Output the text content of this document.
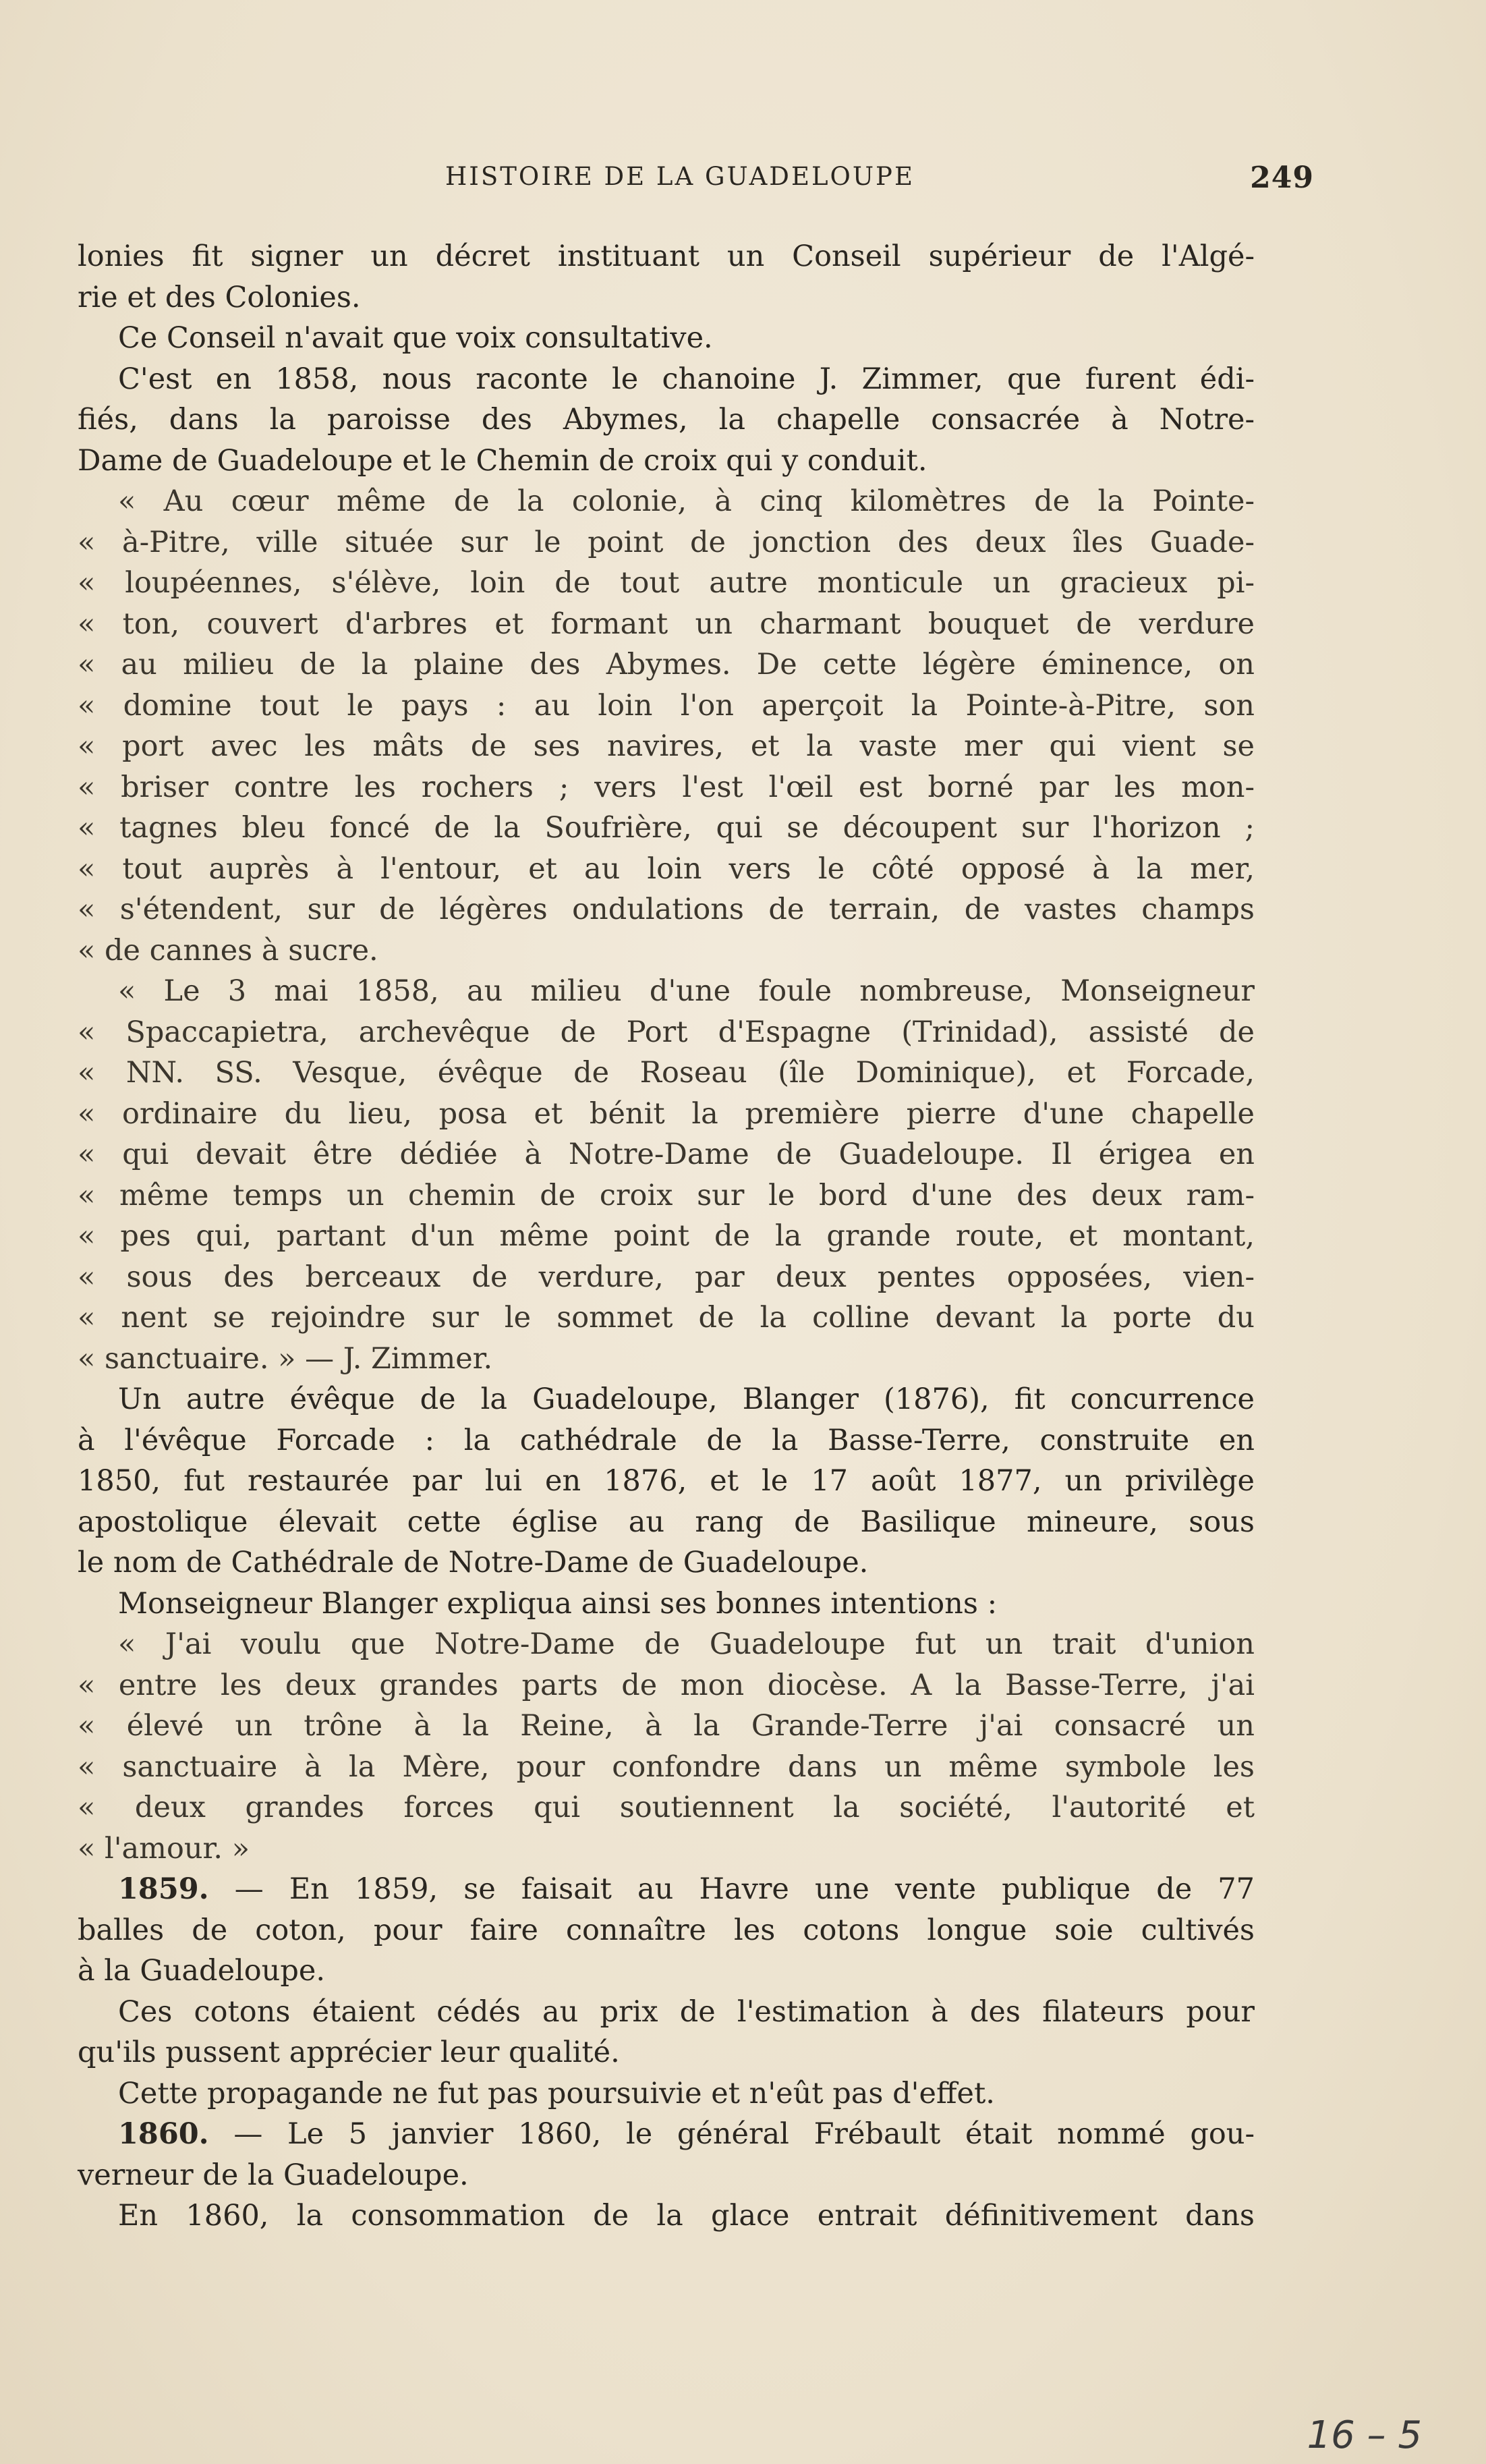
HISTOIRE DE LA GUADELOUPE	249
lonies fit signer un décret instituant un Conseil supérieur de l'Algé-
rie et des Colonies.
Ce Conseil n'avait que voix consultative.
C'est en 1858, nous raconte le chanoine J. Zimmer, que furent édi-
fiés, dans la paroisse des Abymes, la chapelle consacrée à Notre-
Dame de Guadeloupe et le Chemin de croix qui y conduit.
« Au cœur même de la colonie, à cinq kilomètres de la Pointe-
« à-Pitre, ville située sur le point de jonction des deux îles Guade-
« loupéennes, s'élève, loin de tout autre monticule un gracieux pi-
« ton, couvert d'arbres et formant un charmant bouquet de verdure
« au milieu de la plaine des Abymes. De cette légère éminence, on
« domine tout le pays : au loin l'on aperçoit la Pointe-à-Pitre, son
« port avec les mâts de ses navires, et la vaste mer qui vient se
« briser contre les rochers ; vers l'est l'œil est borné par les mon-
« tagnes bleu foncé de la Soufrière, qui se découpent sur l'horizon ;
« tout auprès à l'entour, et au loin vers le côté opposé à la mer,
« s'étendent, sur de légères ondulations de terrain, de vastes champs
« de cannes à sucre.
« Le 3 mai 1858, au milieu d'une foule nombreuse, Monseigneur
« Spaccapietra, archevêque de Port d'Espagne (Trinidad), assisté de
« NN. SS. Vesque, évêque de Roseau (île Dominique), et Forcade,
« ordinaire du lieu, posa et bénit la première pierre d'une chapelle
« qui devait être dédiée à Notre-Dame de Guadeloupe. Il érigea en
« même temps un chemin de croix sur le bord d'une des deux ram-
« pes qui, partant d'un même point de la grande route, et montant,
« sous des berceaux de verdure, par deux pentes opposées, vien-
« nent se rejoindre sur le sommet de la colline devant la porte du
« sanctuaire. » — J. Zimmer.
Un autre évêque de la Guadeloupe, Blanger (1876), fit concurrence
à l'évêque Forcade : la cathédrale de la Basse-Terre, construite en
1850, fut restaurée par lui en 1876, et le 17 août 1877, un privilège
apostolique élevait cette église au rang de Basilique mineure, sous
le nom de Cathédrale de Notre-Dame de Guadeloupe.
Monseigneur Blanger expliqua ainsi ses bonnes intentions :
« J'ai voulu que Notre-Dame de Guadeloupe fut un trait d'union
« entre les deux grandes parts de mon diocèse. A la Basse-Terre, j'ai
« élevé un trône à la Reine, à la Grande-Terre j'ai consacré un
« sanctuaire à la Mère, pour confondre dans un même symbole les
« deux grandes forces qui soutiennent la société, l'autorité et
« l'amour. »
1859. — En 1859, se faisait au Havre une vente publique de 77
balles de coton, pour faire connaître les cotons longue soie cultivés
à la Guadeloupe.
Ces cotons étaient cédés au prix de l'estimation à des filateurs pour
qu'ils pussent apprécier leur qualité.
Cette propagande ne fut pas poursuivie et n'eût pas d'effet.
1860. — Le 5 janvier 1860, le général Frébault était nommé gou-
verneur de la Guadeloupe.
En 1860, la consommation de la glace entrait définitivement dans
16 – 5
